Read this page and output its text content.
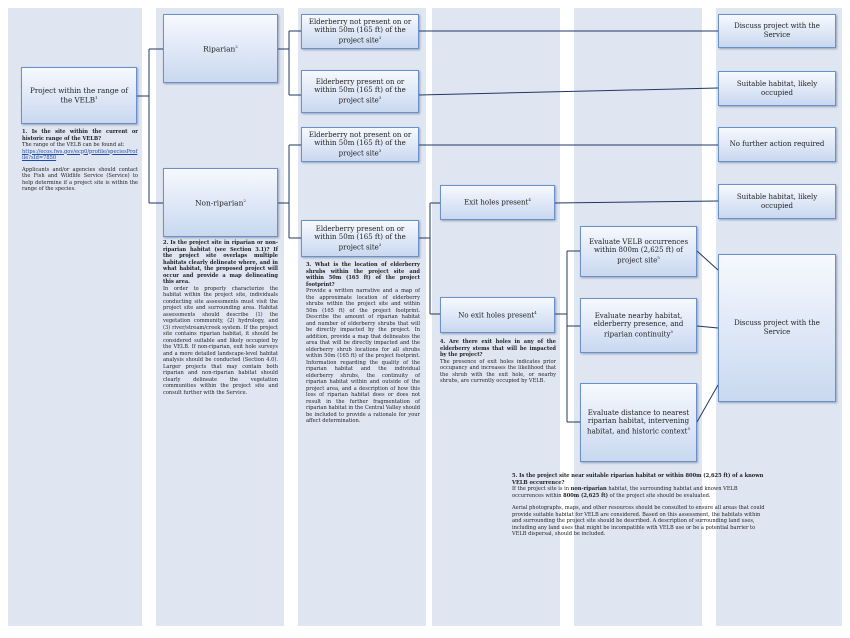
Project within the range of the VELB$^1$
Riparian$^2$
Non-riparian$^2$
Elderberry not present on or within 50m (165 ft) of the project site$^3$
Elderberry present on or within 50m (165 ft) of the project site$^3$
Elderberry not present on or within 50m (165 ft) of the project site$^3$
Elderberry present on or within 50m (165 ft) of the project site$^3$
Exit holes present$^4$
No exit holes present$^4$
Evaluate VELB occurrences within 800m (2,625 ft) of project site$^5$
Evaluate nearby habitat, elderberry presence, and riparian continuity$^5$
Evaluate distance to nearest riparian habitat, intervening habitat, and historic context$^5$
Discuss project with the Service
Suitable habitat, likely occupied
No further action required
Suitable habitat, likely occupied
Discuss project with the Service
1. Is the site within the current or historic range of the VELB?
The range of the VELB can be found at:
https://ecos.fws.gov/ecp0/profile/speciesProfile?sId=7850
Applicants and/or agencies should contact the Fish and Wildlife Service (Service) to help determine if a project site is within the range of the species.
2. Is the project site in riparian or non-riparian habitat (see Section 3.1)? If the project site overlaps multiple habitats clearly delineate where, and in what habitat, the proposed project will occur and provide a map delineating this area.
In order to properly characterize the habitat within the project site, individuals conducting site assessments must visit the project site and surrounding area. Habitat assessments should describe (1) the vegetation community, (2) hydrology, and (3) river/stream/creek system. If the project site contains riparian habitat, it should be considered suitable and likely occupied by the VELB. If non-riparian, exit hole surveys and a more detailed landscape-level habitat analysis should be conducted (Section 4.0). Larger projects that may contain both riparian and non-riparian habitat should clearly delineate the vegetation communities within the project site and consult further with the Service.
3. What is the location of elderberry shrubs within the project site and within 50m (165 ft) of the project footprint?
Provide a written narrative and a map of the approximate location of elderberry shrubs within the project site and within 50m (165 ft) of the project footprint. Describe the amount of riparian habitat and number of elderberry shrubs that will be directly impacted by the project. In addition, provide a map that delineates the area that will be directly impacted and the elderberry shrub locations for all shrubs within 50m (165 ft) of the project footprint. Information regarding the quality of the riparian habitat and the individual elderberry shrubs, the continuity of riparian habitat within and outside of the project area, and a description of how this loss of riparian habitat does or does not result in the further fragmentation of riparian habitat in the Central Valley should be included to provide a rationale for your affect determination.
4. Are there exit holes in any of the elderberry stems that will be impacted by the project?
The presence of exit holes indicates prior occupancy and increases the likelihood that the shrub with the exit hole, or nearby shrubs, are currently occupied by VELB.
5. Is the project site near suitable riparian habitat or within 800m (2,625 ft) of a known VELB occurrence?
If the project site is in non-riparian habitat, the surrounding habitat and known VELB occurrences within 800m (2,625 ft) of the project site should be evaluated.
Aerial photographs, maps, and other resources should be consulted to ensure all areas that could provide suitable habitat for VELB are considered. Based on this assessment, the habitats within and surrounding the project site should be described. A description of surrounding land uses, including any land uses that might be incompatible with VELB use or be a potential barrier to VELB dispersal, should be included.
